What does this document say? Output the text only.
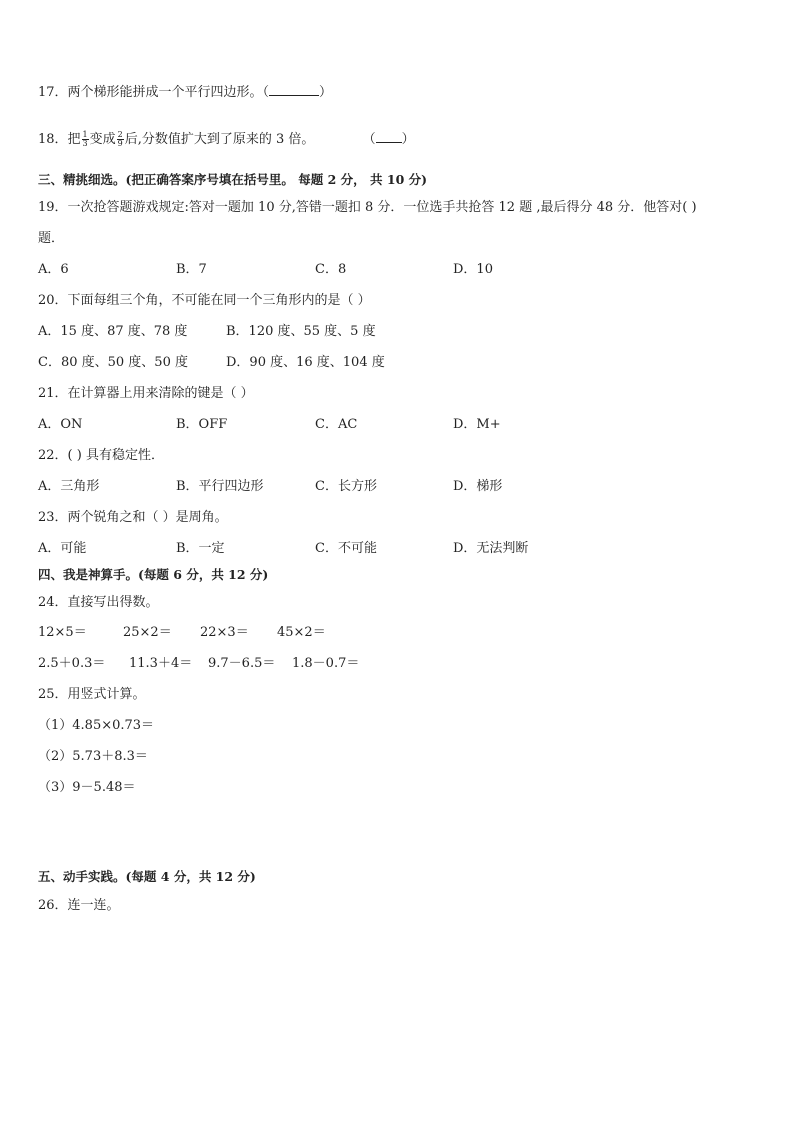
17．两个梯形能拼成一个平行四边形。（	）
18．把 $\frac{1}{3}$ 变成 $\frac{2}{9}$ 后,分数值扩大到了原来的 3 倍。	（ ）
三、精挑细选。(把正确答案序号填在括号里。 每题 2 分， 共 10 分)
19．一次抢答题游戏规定:答对一题加 10 分,答错一题扣 8 分．一位选手共抢答 12 题 ,最后得分 48 分．他答对( )
题．
A．6	B．7	C．8	D．10
20．下面每组三个角，不可能在同一个三角形内的是（ ）
A．15 度、87 度、78 度	B．120 度、55 度、5 度
C．80 度、50 度、50 度	D．90 度、16 度、104 度
21．在计算器上用来清除的键是（ ）
A．ON	B．OFF	C．AC	D．M+
22．( ) 具有稳定性．
A．三角形	B．平行四边形	C．长方形	D．梯形
23．两个锐角之和（ ）是周角。
A．可能	B．一定	C．不可能	D．无法判断
四、我是神算手。(每题 6 分，共 12 分)
24．直接写出得数。
12×5＝	25×2＝ 22×3＝ 45×2＝
2.5＋0.3＝ 11.3＋4＝ 9.7－6.5＝ 1.8－0.7＝
25．用竖式计算。
（1）4.85×0.73＝
（2）5.73＋8.3＝
（3）9－5.48＝
五、动手实践。(每题 4 分，共 12 分)
26．连一连。
